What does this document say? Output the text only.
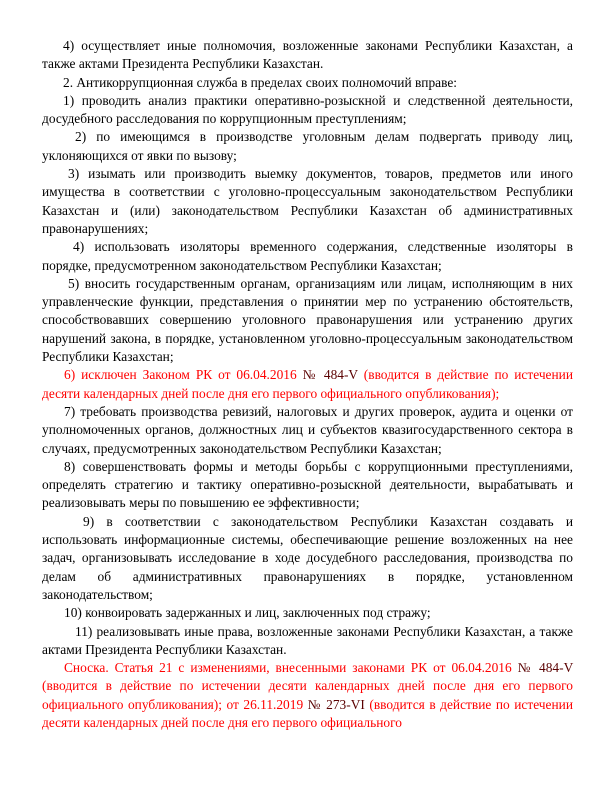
4) осуществляет иные полномочия, возложенные законами Республики Казахстан, а также актами Президента Республики Казахстан.

2. Антикоррупционная служба в пределах своих полномочий вправе:

1) проводить анализ практики оперативно-розыскной и следственной деятельности, досудебного расследования по коррупционным преступлениям;

2) по имеющимся в производстве уголовным делам подвергать приводу лиц, уклоняющихся от явки по вызову;

3) изымать или производить выемку документов, товаров, предметов или иного имущества в соответствии с уголовно-процессуальным законодательством Республики Казахстан и (или) законодательством Республики Казахстан об административных правонарушениях;

4) использовать изоляторы временного содержания, следственные изоляторы в порядке, предусмотренном законодательством Республики Казахстан;

5) вносить государственным органам, организациям или лицам, исполняющим в них управленческие функции, представления о принятии мер по устранению обстоятельств, способствовавших совершению уголовного правонарушения или устранению других нарушений закона, в порядке, установленном уголовно-процессуальным законодательством Республики Казахстан;

6) исключен Законом РК от 06.04.2016 № 484-V (вводится в действие по истечении десяти календарных дней после дня его первого официального опубликования);

7) требовать производства ревизий, налоговых и других проверок, аудита и оценки от уполномоченных органов, должностных лиц и субъектов квазигосударственного сектора в случаях, предусмотренных законодательством Республики Казахстан;

8) совершенствовать формы и методы борьбы с коррупционными преступлениями, определять стратегию и тактику оперативно-розыскной деятельности, вырабатывать и реализовывать меры по повышению ее эффективности;

9) в соответствии с законодательством Республики Казахстан создавать и использовать информационные системы, обеспечивающие решение возложенных на нее задач, организовывать исследование в ходе досудебного расследования, производства по делам об административных правонарушениях в порядке, установленном законодательством;

10) конвоировать задержанных и лиц, заключенных под стражу;

11) реализовывать иные права, возложенные законами Республики Казахстан, а также актами Президента Республики Казахстан.

Сноска. Статья 21 с изменениями, внесенными законами РК от 06.04.2016 № 484-V (вводится в действие по истечении десяти календарных дней после дня его первого официального опубликования); от 26.11.2019 № 273-VI (вводится в действие по истечении десяти календарных дней после дня его первого официального
